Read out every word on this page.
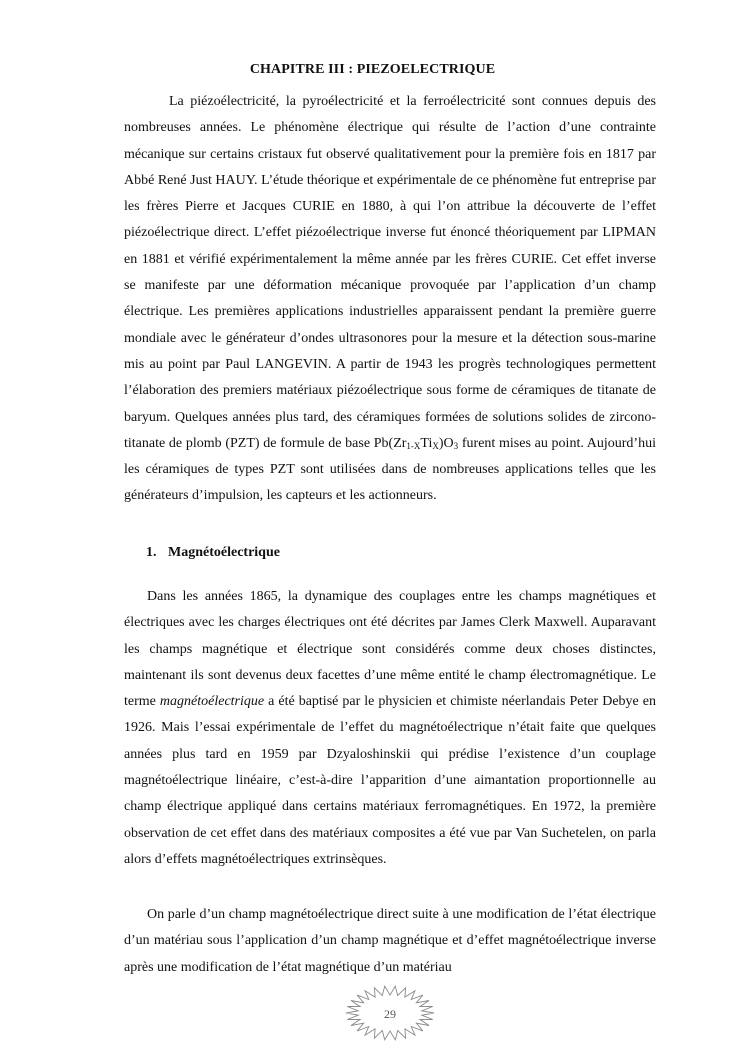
CHAPITRE III : PIEZOELECTRIQUE

La piézoélectricité, la pyroélectricité et la ferroélectricité sont connues depuis des nombreuses années. Le phénomène électrique qui résulte de l’action d’une contrainte mécanique sur certains cristaux fut observé qualitativement pour la première fois en 1817 par Abbé René Just HAUY. L’étude théorique et expérimentale de ce phénomène fut entreprise par les frères Pierre et Jacques CURIE en 1880, à qui l’on attribue la découverte de l’effet piézoélectrique direct. L’effet piézoélectrique inverse fut énoncé théoriquement par LIPMAN en 1881 et vérifié expérimentalement la même année par les frères CURIE. Cet effet inverse se manifeste par une déformation mécanique provoquée par l’application d’un champ électrique. Les premières applications industrielles apparaissent pendant la première guerre mondiale avec le générateur d’ondes ultrasonores pour la mesure et la détection sous-marine mis au point par Paul LANGEVIN. A partir de 1943 les progrès technologiques permettent l’élaboration des premiers matériaux piézoélectrique sous forme de céramiques de titanate de baryum. Quelques années plus tard, des céramiques formées de solutions solides de zircono-titanate de plomb (PZT) de formule de base $Pb(Zr_{1-X}Ti_X)O_3$ furent mises au point. Aujourd’hui les céramiques de types PZT sont utilisées dans de nombreuses applications telles que les générateurs d’impulsion, les capteurs et les actionneurs.

1. Magnétoélectrique

Dans les années 1865, la dynamique des couplages entre les champs magnétiques et électriques avec les charges électriques ont été décrites par James Clerk Maxwell. Auparavant les champs magnétique et électrique sont considérés comme deux choses distinctes, maintenant ils sont devenus deux facettes d’une même entité le champ électromagnétique. Le terme magnétoélectrique a été baptisé par le physicien et chimiste néerlandais Peter Debye en 1926. Mais l’essai expérimentale de l’effet du magnétoélectrique n’était faite que quelques années plus tard en 1959 par Dzyaloshinskii qui prédise l’existence d’un couplage magnétoélectrique linéaire, c’est-à-dire l’apparition d’une aimantation proportionnelle au champ électrique appliqué dans certains matériaux ferromagnétiques. En 1972, la première observation de cet effet dans des matériaux composites a été vue par Van Suchetelen, on parla alors d’effets magnétoélectriques extrinsèques.

On parle d’un champ magnétoélectrique direct suite à une modification de l’état électrique d’un matériau sous l’application d’un champ magnétique et d’effet magnétoélectrique inverse après une modification de l’état magnétique d’un matériau

29
